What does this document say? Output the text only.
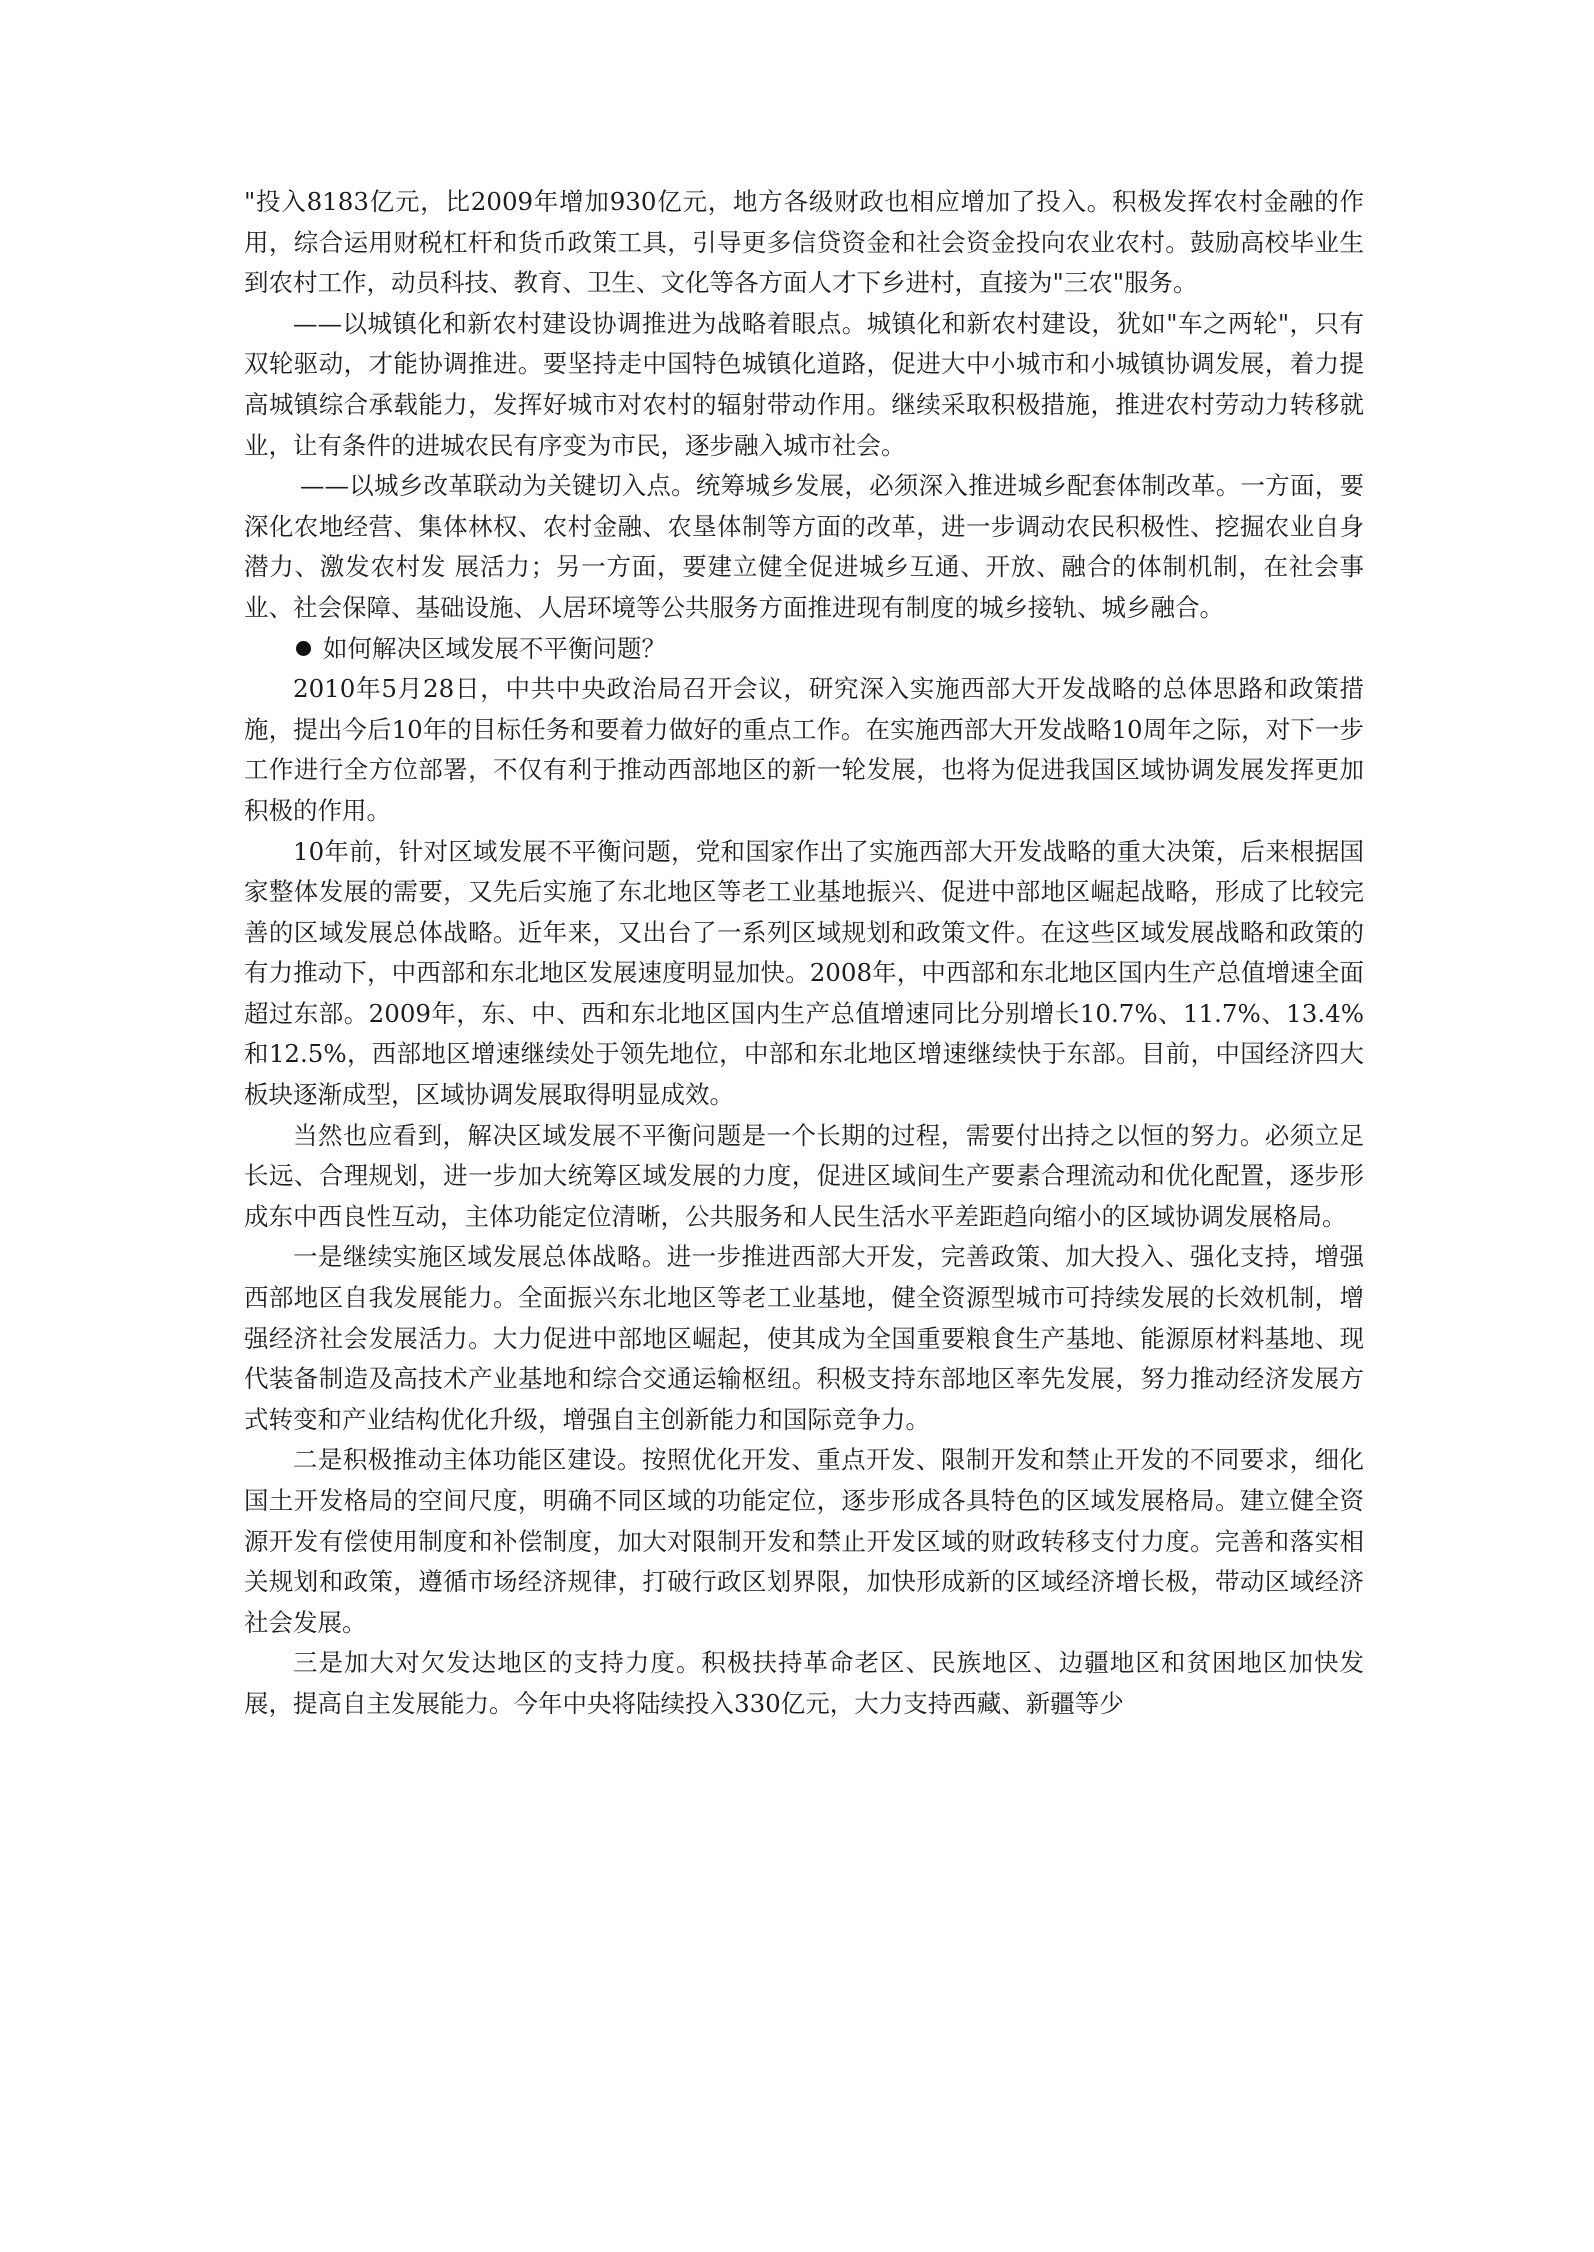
"投入8183亿元，比2009年增加930亿元，地方各级财政也相应增加了投入。积极发挥农村金融的作用，综合运用财税杠杆和货币政策工具，引导更多信贷资金和社会资金投向农业农村。鼓励高校毕业生到农村工作，动员科技、教育、卫生、文化等各方面人才下乡进村，直接为"三农"服务。

——以城镇化和新农村建设协调推进为战略着眼点。城镇化和新农村建设，犹如"车之两轮"，只有双轮驱动，才能协调推进。要坚持走中国特色城镇化道路，促进大中小城市和小城镇协调发展，着力提高城镇综合承载能力，发挥好城市对农村的辐射带动作用。继续采取积极措施，推进农村劳动力转移就业，让有条件的进城农民有序变为市民，逐步融入城市社会。

——以城乡改革联动为关键切入点。统筹城乡发展，必须深入推进城乡配套体制改革。一方面，要深化农地经营、集体林权、农村金融、农垦体制等方面的改革，进一步调动农民积极性、挖掘农业自身潜力、激发农村发 展活力；另一方面，要建立健全促进城乡互通、开放、融合的体制机制，在社会事业、社会保障、基础设施、人居环境等公共服务方面推进现有制度的城乡接轨、城乡融合。

如何解决区域发展不平衡问题？

2010年5月28日，中共中央政治局召开会议，研究深入实施西部大开发战略的总体思路和政策措施，提出今后10年的目标任务和要着力做好的重点工作。在实施西部大开发战略10周年之际，对下一步工作进行全方位部署，不仅有利于推动西部地区的新一轮发展，也将为促进我国区域协调发展发挥更加积极的作用。

10年前，针对区域发展不平衡问题，党和国家作出了实施西部大开发战略的重大决策，后来根据国家整体发展的需要，又先后实施了东北地区等老工业基地振兴、促进中部地区崛起战略，形成了比较完善的区域发展总体战略。近年来，又出台了一系列区域规划和政策文件。在这些区域发展战略和政策的有力推动下，中西部和东北地区发展速度明显加快。2008年，中西部和东北地区国内生产总值增速全面超过东部。2009年，东、中、西和东北地区国内生产总值增速同比分别增长10.7%、11.7%、13.4%和12.5%，西部地区增速继续处于领先地位，中部和东北地区增速继续快于东部。目前，中国经济四大板块逐渐成型，区域协调发展取得明显成效。

当然也应看到，解决区域发展不平衡问题是一个长期的过程，需要付出持之以恒的努力。必须立足长远、合理规划，进一步加大统筹区域发展的力度，促进区域间生产要素合理流动和优化配置，逐步形成东中西良性互动，主体功能定位清晰，公共服务和人民生活水平差距趋向缩小的区域协调发展格局。

一是继续实施区域发展总体战略。进一步推进西部大开发，完善政策、加大投入、强化支持，增强西部地区自我发展能力。全面振兴东北地区等老工业基地，健全资源型城市可持续发展的长效机制，增强经济社会发展活力。大力促进中部地区崛起，使其成为全国重要粮食生产基地、能源原材料基地、现代装备制造及高技术产业基地和综合交通运输枢纽。积极支持东部地区率先发展，努力推动经济发展方式转变和产业结构优化升级，增强自主创新能力和国际竞争力。

二是积极推动主体功能区建设。按照优化开发、重点开发、限制开发和禁止开发的不同要求，细化国土开发格局的空间尺度，明确不同区域的功能定位，逐步形成各具特色的区域发展格局。建立健全资源开发有偿使用制度和补偿制度，加大对限制开发和禁止开发区域的财政转移支付力度。完善和落实相关规划和政策，遵循市场经济规律，打破行政区划界限，加快形成新的区域经济增长极，带动区域经济社会发展。

三是加大对欠发达地区的支持力度。积极扶持革命老区、民族地区、边疆地区和贫困地区加快发展，提高自主发展能力。今年中央将陆续投入330亿元，大力支持西藏、新疆等少
